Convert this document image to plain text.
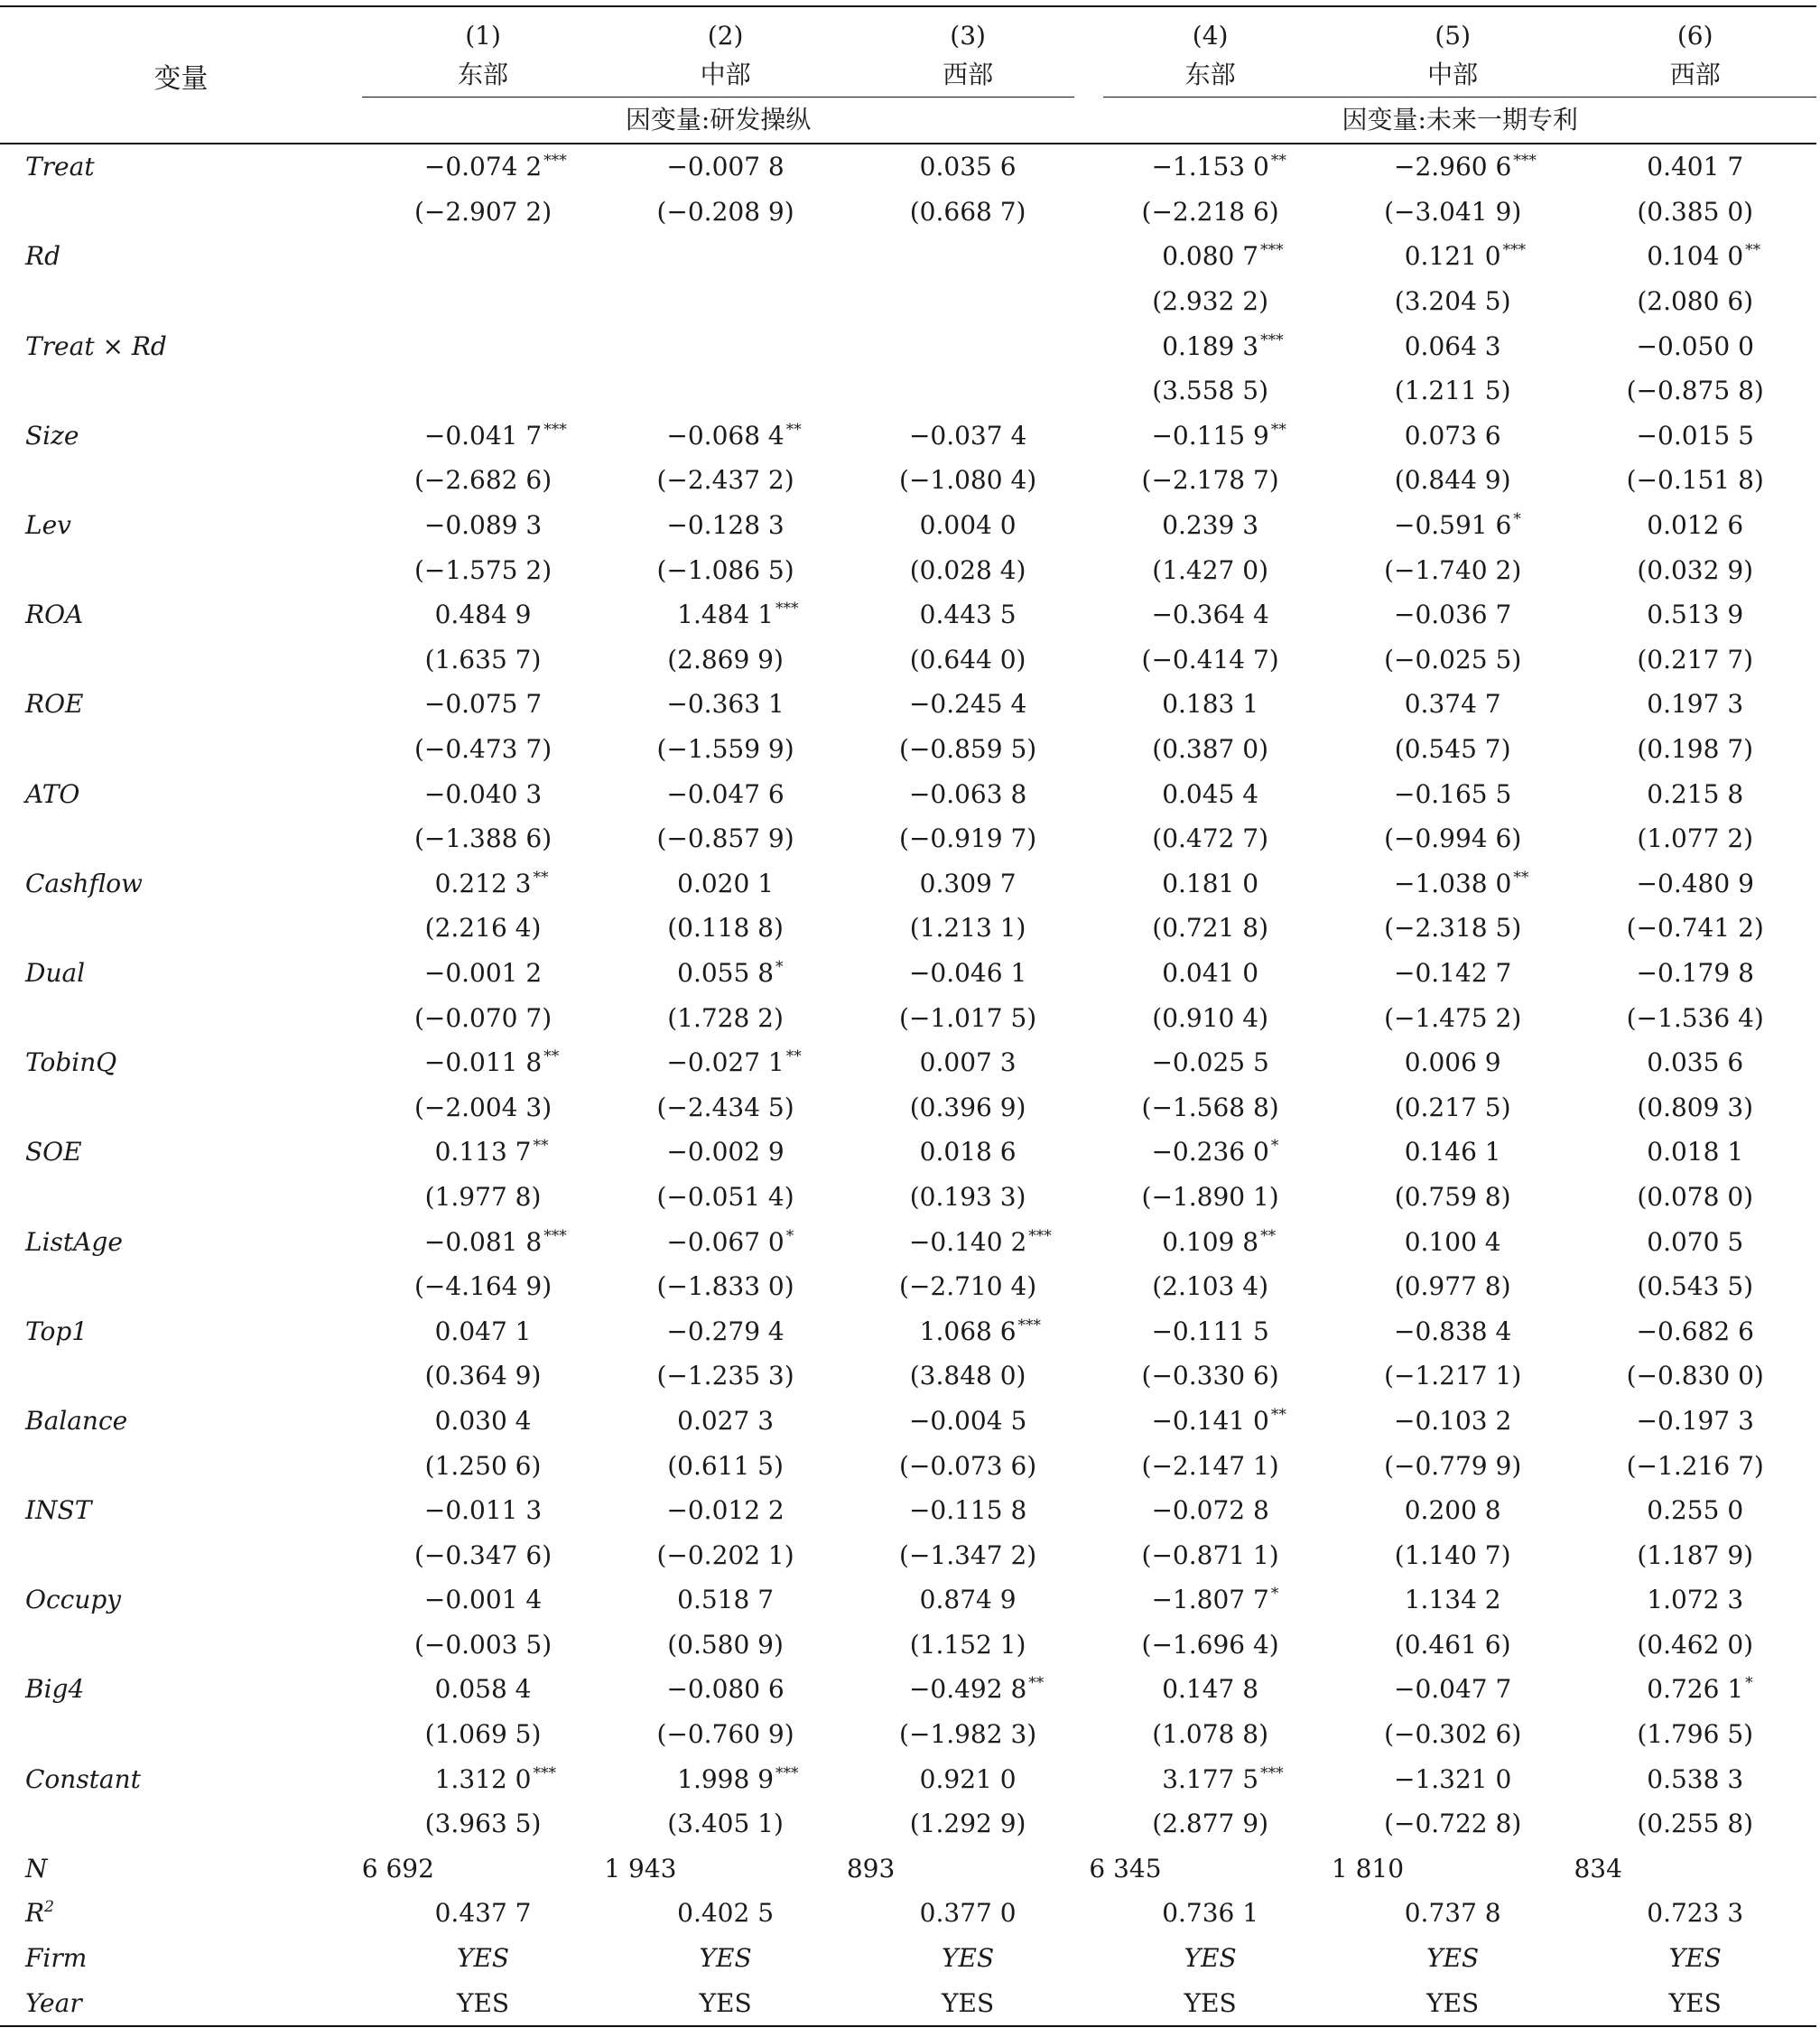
变量	(1)	(2)	(3)	(4)	(5)	(6)
	东部	中部	西部	东部	中部	西部

	因变量:研发操纵			因变量:未来一期专利		

Treat	−0.074 2 ***	−0.007 8	0.035 6	−1.153 0 **	−2.960 6 ***	0.401 7

	(−2.907 2)	(−0.208 9)	(0.668 7)	(−2.218 6)	(−3.041 9)	(0.385 0)
Rd				0.080 7 ***	0.121 0 ***	0.104 0 **

				(2.932 2)	(3.204 5)	(2.080 6)
Treat × Rd				0.189 3 ***	0.064 3	−0.050 0

				(3.558 5)	(1.211 5)	(−0.875 8)
Size	−0.041 7 ***	−0.068 4 **	−0.037 4	−0.115 9 **	0.073 6	−0.015 5

	(−2.682 6)	(−2.437 2)	(−1.080 4)	(−2.178 7)	(0.844 9)	(−0.151 8)
Lev	−0.089 3	−0.128 3	0.004 0	0.239 3	−0.591 6 *	0.012 6

	(−1.575 2)	(−1.086 5)	(0.028 4)	(1.427 0)	(−1.740 2)	(0.032 9)
ROA	0.484 9	1.484 1 ***	0.443 5	−0.364 4	−0.036 7	0.513 9

	(1.635 7)	(2.869 9)	(0.644 0)	(−0.414 7)	(−0.025 5)	(0.217 7)
ROE	−0.075 7	−0.363 1	−0.245 4	0.183 1	0.374 7	0.197 3

	(−0.473 7)	(−1.559 9)	(−0.859 5)	(0.387 0)	(0.545 7)	(0.198 7)
ATO	−0.040 3	−0.047 6	−0.063 8	0.045 4	−0.165 5	0.215 8

	(−1.388 6)	(−0.857 9)	(−0.919 7)	(0.472 7)	(−0.994 6)	(1.077 2)
Cashflow	0.212 3 **	0.020 1	0.309 7	0.181 0	−1.038 0 **	−0.480 9

	(2.216 4)	(0.118 8)	(1.213 1)	(0.721 8)	(−2.318 5)	(−0.741 2)
Dual	−0.001 2	0.055 8 *	−0.046 1	0.041 0	−0.142 7	−0.179 8

	(−0.070 7)	(1.728 2)	(−1.017 5)	(0.910 4)	(−1.475 2)	(−1.536 4)
TobinQ	−0.011 8 **	−0.027 1 **	0.007 3	−0.025 5	0.006 9	0.035 6

	(−2.004 3)	(−2.434 5)	(0.396 9)	(−1.568 8)	(0.217 5)	(0.809 3)
SOE	0.113 7 **	−0.002 9	0.018 6	−0.236 0 *	0.146 1	0.018 1

	(1.977 8)	(−0.051 4)	(0.193 3)	(−1.890 1)	(0.759 8)	(0.078 0)
ListAge	−0.081 8 ***	−0.067 0 *	−0.140 2 ***	0.109 8 **	0.100 4	0.070 5

	(−4.164 9)	(−1.833 0)	(−2.710 4)	(2.103 4)	(0.977 8)	(0.543 5)
Top1	0.047 1	−0.279 4	1.068 6 ***	−0.111 5	−0.838 4	−0.682 6

	(0.364 9)	(−1.235 3)	(3.848 0)	(−0.330 6)	(−1.217 1)	(−0.830 0)
Balance	0.030 4	0.027 3	−0.004 5	−0.141 0 **	−0.103 2	−0.197 3

	(1.250 6)	(0.611 5)	(−0.073 6)	(−2.147 1)	(−0.779 9)	(−1.216 7)
INST	−0.011 3	−0.012 2	−0.115 8	−0.072 8	0.200 8	0.255 0

	(−0.347 6)	(−0.202 1)	(−1.347 2)	(−0.871 1)	(1.140 7)	(1.187 9)
Occupy	−0.001 4	0.518 7	0.874 9	−1.807 7 *	1.134 2	1.072 3

	(−0.003 5)	(0.580 9)	(1.152 1)	(−1.696 4)	(0.461 6)	(0.462 0)
Big4	0.058 4	−0.080 6	−0.492 8 **	0.147 8	−0.047 7	0.726 1 *

	(1.069 5)	(−0.760 9)	(−1.982 3)	(1.078 8)	(−0.302 6)	(1.796 5)
Constant	1.312 0 ***	1.998 9 ***	0.921 0	3.177 5 ***	−1.321 0	0.538 3

	(3.963 5)	(3.405 1)	(1.292 9)	(2.877 9)	(−0.722 8)	(0.255 8)
N	6 692	1 943	893	6 345	1 810	834
$R^2$	0.437 7	0.402 5	0.377 0	0.736 1	0.737 8	0.723 3
Firm	YES	YES	YES	YES	YES	YES
Year	YES	YES	YES	YES	YES	YES
